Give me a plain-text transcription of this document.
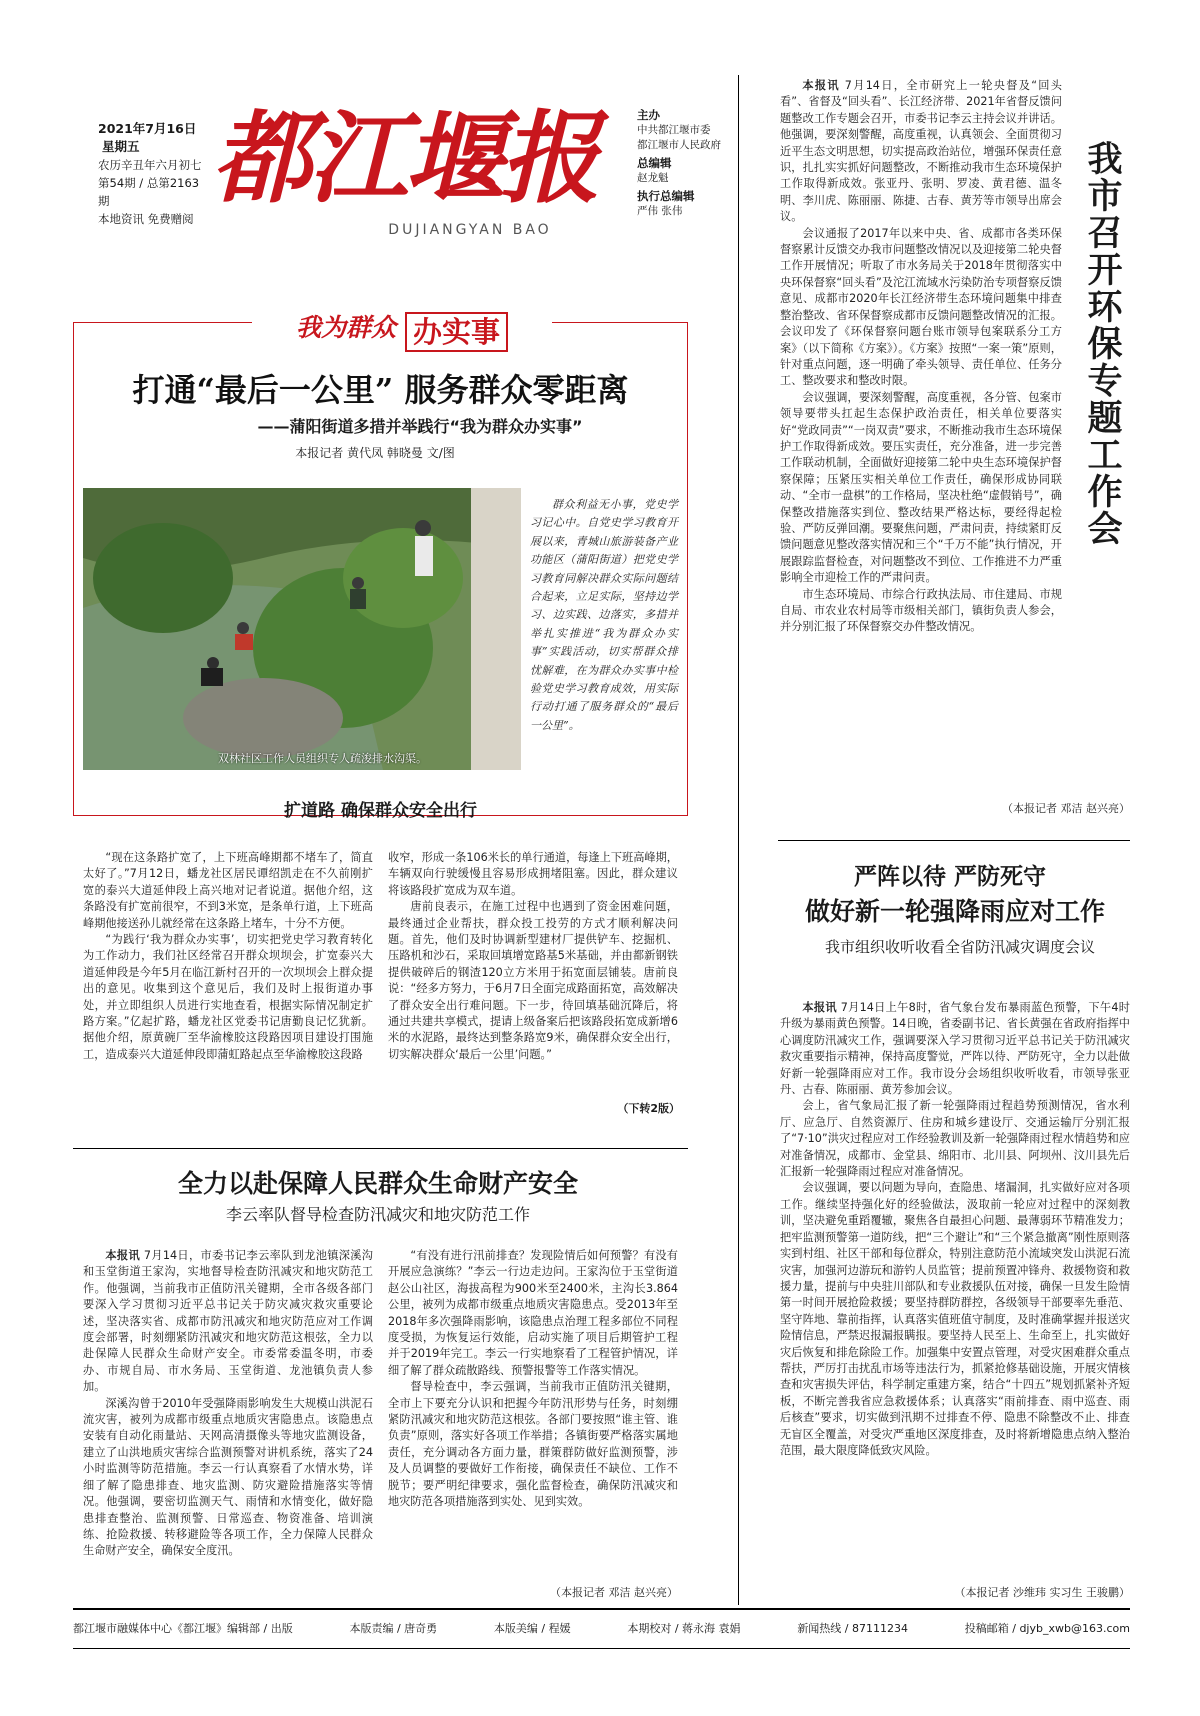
2021年7月16日 星期五
农历辛丑年六月初七
第54期 / 总第2163期
本地资讯 免费赠阅
都江堰报
DUJIANGYAN BAO
主办
中共都江堰市委
都江堰市人民政府
总编辑
赵龙魁
执行总编辑
严伟 张伟
我为群众 办实事
打通“最后一公里” 服务群众零距离
——蒲阳街道多措并举践行“我为群众办实事”
本报记者 黄代凤 韩晓曼 文/图
双林社区工作人员组织专人疏浚排水沟渠。
群众利益无小事，党史学习记心中。自党史学习教育开展以来，青城山旅游装备产业功能区（蒲阳街道）把党史学习教育同解决群众实际问题结合起来，立足实际，坚持边学习、边实践、边落实，多措并举扎实推进“我为群众办实事”实践活动，切实帮群众排忧解难，在为群众办实事中检验党史学习教育成效，用实际行动打通了服务群众的“最后一公里”。
扩道路 确保群众安全出行

“现在这条路扩宽了，上下班高峰期都不堵车了，简直太好了。”7月12日，蟠龙社区居民谭绍凯走在不久前刚扩宽的泰兴大道延伸段上高兴地对记者说道。据他介绍，这条路没有扩宽前很窄，不到3米宽，是条单行道，上下班高峰期他接送孙儿就经常在这条路上堵车，十分不方便。

“为践行‘我为群众办实事’，切实把党史学习教育转化为工作动力，我们社区经常召开群众坝坝会，扩宽泰兴大道延伸段是今年5月在临江新村召开的一次坝坝会上群众提出的意见。收集到这个意见后，我们及时上报街道办事处，并立即组织人员进行实地查看，根据实际情况制定扩路方案。”亿起扩路，蟠龙社区党委书记唐勤良记忆犹新。据他介绍，原黄碗厂至华渝橡胶这段路因项目建设打围施工，造成泰兴大道延伸段即蒲虹路起点至华渝橡胶这段路

收窄，形成一条106米长的单行通道，每逢上下班高峰期，车辆双向行驶缓慢且容易形成拥堵阻塞。因此，群众建议将该路段扩宽成为双车道。

唐前良表示，在施工过程中也遇到了资金困难问题，最终通过企业帮扶，群众投工投劳的方式才顺利解决问题。首先，他们及时协调新型建材厂提供铲车、挖掘机、压路机和沙石，采取回填增宽路基5米基础，并由都新钢铁提供破碎后的钢渣120立方米用于拓宽面层铺装。唐前良说：“经多方努力，于6月7日全面完成路面拓宽，高效解决了群众安全出行难问题。下一步，待回填基础沉降后，将通过共建共享模式，提请上级备案后把该路段拓宽成新增6米的水泥路，最终达到整条路宽9米，确保群众安全出行，切实解决群众‘最后一公里’问题。”

（下转2版）
我市召开环保专题工作会

本报讯 7月14日，全市研究上一轮央督及“回头看”、省督及“回头看”、长江经济带、2021年省督反馈问题整改工作专题会召开，市委书记李云主持会议并讲话。他强调，要深刻警醒，高度重视，认真领会、全面贯彻习近平生态文明思想，切实提高政治站位，增强环保责任意识，扎扎实实抓好问题整改，不断推动我市生态环境保护工作取得新成效。张亚丹、张明、罗凌、黄君德、温冬明、李川虎、陈丽丽、陈捷、古春、黄芳等市领导出席会议。

会议通报了2017年以来中央、省、成都市各类环保督察累计反馈交办我市问题整改情况以及迎接第二轮央督工作开展情况；听取了市水务局关于2018年贯彻落实中央环保督察“回头看”及沱江流域水污染防治专项督察反馈意见、成都市2020年长江经济带生态环境问题集中排查整治整改、省环保督察成都市反馈问题整改情况的汇报。会议印发了《环保督察问题台账市领导包案联系分工方案》（以下简称《方案》）。《方案》按照“一案一策”原则，针对重点问题，逐一明确了牵头领导、责任单位、任务分工、整改要求和整改时限。

会议强调，要深刻警醒，高度重视，各分管、包案市领导要带头扛起生态保护政治责任，相关单位要落实好“党政同责”“一岗双责”要求，不断推动我市生态环境保护工作取得新成效。要压实责任，充分准备，进一步完善工作联动机制，全面做好迎接第二轮中央生态环境保护督察保障；压紧压实相关单位工作责任，确保形成协同联动、“全市一盘棋”的工作格局，坚决杜绝“虚假销号”，确保整改措施落实到位、整改结果严格达标，要经得起检验、严防反弹回潮。要聚焦问题，严肃问责，持续紧盯反馈问题意见整改落实情况和三个“千万不能”执行情况，开展跟踪监督检查，对问题整改不到位、工作推进不力严重影响全市迎检工作的严肃问责。

市生态环境局、市综合行政执法局、市住建局、市规自局、市农业农村局等市级相关部门，镇街负责人参会，并分别汇报了环保督察交办件整改情况。

（本报记者 邓洁 赵兴亮）
严阵以待 严防死守
做好新一轮强降雨应对工作
我市组织收听收看全省防汛减灾调度会议

本报讯 7月14日上午8时，省气象台发布暴雨蓝色预警，下午4时升级为暴雨黄色预警。14日晚，省委副书记、省长黄强在省政府指挥中心调度防汛减灾工作，强调要深入学习贯彻习近平总书记关于防汛减灾救灾重要指示精神，保持高度警觉，严阵以待、严防死守，全力以赴做好新一轮强降雨应对工作。我市设分会场组织收听收看，市领导张亚丹、古春、陈丽丽、黄芳参加会议。

会上，省气象局汇报了新一轮强降雨过程趋势预测情况，省水利厅、应急厅、自然资源厅、住房和城乡建设厅、交通运输厅分别汇报了“7·10”洪灾过程应对工作经验教训及新一轮强降雨过程水情趋势和应对准备情况，成都市、金堂县、绵阳市、北川县、阿坝州、汶川县先后汇报新一轮强降雨过程应对准备情况。

会议强调，要以问题为导向，查隐患、堵漏洞，扎实做好应对各项工作。继续坚持强化好的经验做法，汲取前一轮应对过程中的深刻教训，坚决避免重蹈覆辙，聚焦各自最担心问题、最薄弱环节精准发力；把牢监测预警第一道防线，把“三个避让”和“三个紧急撤离”刚性原则落实到村组、社区干部和每位群众，特别注意防范小流域突发山洪泥石流灾害，加强河边游玩和游钓人员监管；提前预置冲锋舟、救援物资和救援力量，提前与中央驻川部队和专业救援队伍对接，确保一旦发生险情第一时间开展抢险救援；要坚持群防群控，各级领导干部要率先垂范、坚守阵地、靠前指挥，认真落实值班值守制度，及时准确掌握并报送灾险情信息，严禁迟报漏报瞒报。要坚持人民至上、生命至上，扎实做好灾后恢复和排危除险工作。加强集中安置点管理，对受灾困难群众重点帮扶，严厉打击扰乱市场等违法行为，抓紧抢修基础设施，开展灾情核查和灾害损失评估，科学制定重建方案，结合“十四五”规划抓紧补齐短板，不断完善我省应急救援体系；认真落实“雨前排查、雨中巡查、雨后核查”要求，切实做到汛期不过排查不停、隐患不除整改不止、排查无盲区全覆盖，对受灾严重地区深度排查，及时将新增隐患点纳入整治范围，最大限度降低致灾风险。

（本报记者 沙维玮 实习生 王骏鹏）
全力以赴保障人民群众生命财产安全
李云率队督导检查防汛减灾和地灾防范工作

本报讯 7月14日，市委书记李云率队到龙池镇深溪沟和玉堂街道王家沟，实地督导检查防汛减灾和地灾防范工作。他强调，当前我市正值防汛关键期，全市各级各部门要深入学习贯彻习近平总书记关于防灾减灾救灾重要论述，坚决落实省、成都市防汛减灾和地灾防范应对工作调度会部署，时刻绷紧防汛减灾和地灾防范这根弦，全力以赴保障人民群众生命财产安全。市委常委温冬明，市委办、市规自局、市水务局、玉堂街道、龙池镇负责人参加。

深溪沟曾于2010年受强降雨影响发生大规模山洪泥石流灾害，被列为成都市级重点地质灾害隐患点。该隐患点安装有自动化雨量站、天网高清摄像头等地灾监测设备，建立了山洪地质灾害综合监测预警对讲机系统，落实了24小时监测等防范措施。李云一行认真察看了水情水势，详细了解了隐患排查、地灾监测、防灾避险措施落实等情况。他强调，要密切监测天气、雨情和水情变化，做好隐患排查整治、监测预警、日常巡查、物资准备、培训演练、抢险救援、转移避险等各项工作，全力保障人民群众生命财产安全，确保安全度汛。

“有没有进行汛前排查？发现险情后如何预警？有没有开展应急演练？”李云一行边走边问。王家沟位于玉堂街道赵公山社区，海拔高程为900米至2400米，主沟长3.864公里，被列为成都市级重点地质灾害隐患点。受2013年至2018年多次强降雨影响，该隐患点治理工程多部位不同程度受损，为恢复运行效能，启动实施了项目后期管护工程并于2019年完工。李云一行实地察看了工程管护情况，详细了解了群众疏散路线、预警报警等工作落实情况。

督导检查中，李云强调，当前我市正值防汛关键期，全市上下要充分认识和把握今年防汛形势与任务，时刻绷紧防汛减灾和地灾防范这根弦。各部门要按照“谁主管、谁负责”原则，落实好各项工作举措；各镇街要严格落实属地责任，充分调动各方面力量，群策群防做好监测预警，涉及人员调整的要做好工作衔接，确保责任不缺位、工作不脱节；要严明纪律要求，强化监督检查，确保防汛减灾和地灾防范各项措施落到实处、见到实效。

（本报记者 邓洁 赵兴亮）
都江堰市融媒体中心《都江堰》编辑部 / 出版	本版责编 / 唐奇勇	本版美编 / 程媛	本期校对 / 蒋永海 袁娟	新闻热线 / 87111234	投稿邮箱 / djyb_xwb@163.com
